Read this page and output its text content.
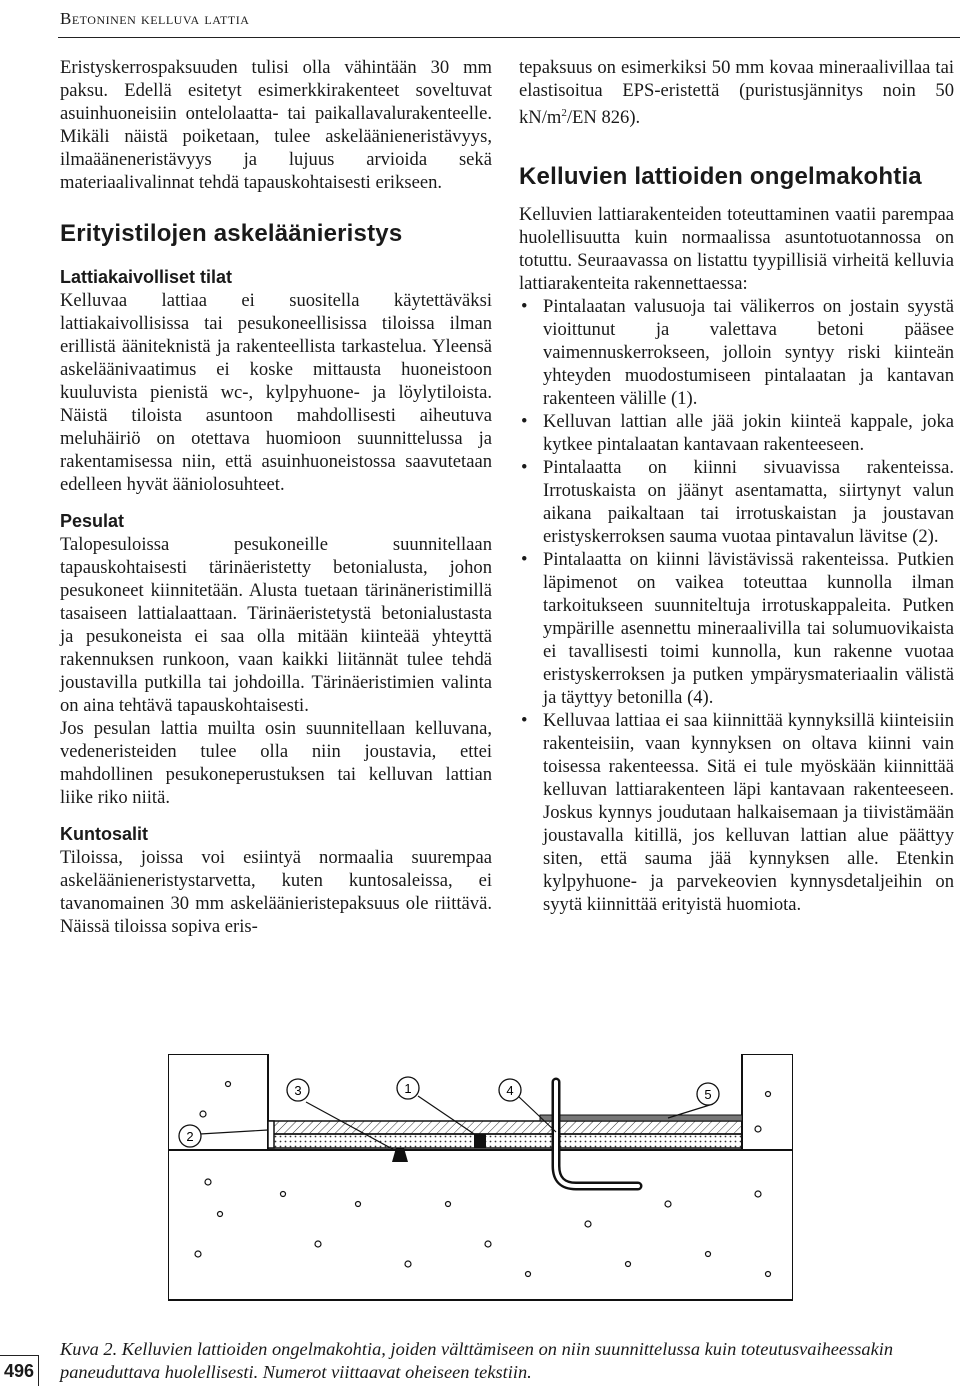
Betoninen kelluva lattia

Eristyskerrospaksuuden tulisi olla vähintään 30 mm paksu. Edellä esitetyt esimerkkirakenteet soveltuvat asuinhuoneisiin ontelolaatta- tai paikallavalurakenteelle. Mikäli näistä poiketaan, tulee askeläänieneristävyys, ilmaääneneristävyys ja lujuus arvioida sekä materiaalivalinnat tehdä tapauskohtaisesti erikseen.

Erityistilojen askeläänieristys
Lattiakaivolliset tilat

Kelluvaa lattiaa ei suositella käytettäväksi lattiakaivollisissa tai pesukoneellisissa tiloissa ilman erillistä ääniteknistä ja rakenteellista tarkastelua. Yleensä askeläänivaatimus ei koske mittausta huoneistoon kuuluvista pienistä wc-, kylpyhuone- ja löylytiloista. Näistä tiloista asuntoon mahdollisesti aiheutuva meluhäiriö on otettava huomioon suunnittelussa ja rakentamisessa niin, että asuinhuoneistossa saavutetaan edelleen hyvät ääniolosuhteet.

Pesulat

Talopesuloissa pesukoneille suunnitellaan tapauskohtaisesti tärinäeristetty betonialusta, johon pesukoneet kiinnitetään. Alusta tuetaan tärinäneristimillä tasaiseen lattialaattaan. Tärinäeristetystä betonialustasta ja pesukoneista ei saa olla mitään kiinteää yhteyttä rakennuksen runkoon, vaan kaikki liitännät tulee tehdä joustavilla putkilla tai johdoilla. Tärinäeristimien valinta on aina tehtävä tapauskohtaisesti.

Jos pesulan lattia muilta osin suunnitellaan kelluvana, vedeneristeiden tulee olla niin joustavia, ettei mahdollinen pesukoneperustuksen tai kelluvan lattian liike riko niitä.

Kuntosalit

Tiloissa, joissa voi esiintyä normaalia suurempaa askeläänieneristystarvetta, kuten kuntosaleissa, ei tavanomainen 30 mm askeläänieristepaksuus ole riittävä. Näissä tiloissa sopiva eris-

tepaksuus on esimerkiksi 50 mm kovaa mineraalivillaa tai elastisoitua EPS-eristettä (puristusjännitys noin 50 $kN/m^2/EN$ 826).

Kelluvien lattioiden ongelmakohtia

Kelluvien lattiarakenteiden toteuttaminen vaatii parempaa huolellisuutta kuin normaalissa asuntotuotannossa on totuttu. Seuraavassa on listattu tyypillisiä virheitä kelluvia lattiarakenteita rakennettaessa:

• Pintalaatan valusuoja tai välikerros on jostain syystä vioittunut ja valettava betoni pääsee vaimennuskerrokseen, jolloin syntyy riski kiinteän yhteyden muodostumiseen pintalaatan ja kantavan rakenteen välille (1).
• Kelluvan lattian alle jää jokin kiinteä kappale, joka kytkee pintalaatan kantavaan rakenteeseen.
• Pintalaatta on kiinni sivuavissa rakenteissa. Irrotuskaista on jäänyt asentamatta, siirtynyt valun aikana paikaltaan tai irrotuskaistan ja joustavan eristyskerroksen sauma vuotaa pintavalun lävitse (2).
• Pintalaatta on kiinni lävistävissä rakenteissa. Putkien läpimenot on vaikea toteuttaa kunnolla ilman tarkoitukseen suunniteltuja irrotuskappaleita. Putken ympärille asennettu mineraalivilla tai solumuovikaista ei tavallisesti toimi kunnolla, kun rakenne vuotaa eristyskerroksen ja putken ympärysmateriaalin välistä ja täyttyy betonilla (4).
• Kelluvaa lattiaa ei saa kiinnittää kynnyksillä kiinteisiin rakenteisiin, vaan kynnyksen on oltava kiinni vain toisessa rakenteessa. Sitä ei tule myöskään kiinnittää kelluvan lattiarakenteen läpi kantavaan rakenteeseen. Joskus kynnys joudutaan halkaisemaan ja tiivistämään joustavalla kitillä, jos kelluvan lattian alue päättyy siten, että sauma jää kynnyksen alle. Etenkin kylpyhuone- ja parvekeovien kynnysdetaljeihin on syytä kiinnittää erityistä huomiota.
2
3	1	4	5
Kuva 2. Kelluvien lattioiden ongelmakohtia, joiden välttämiseen on niin suunnittelussa kuin toteutusvaiheessakin paneuduttava huolellisesti. Numerot viittaavat oheiseen tekstiin.
496
